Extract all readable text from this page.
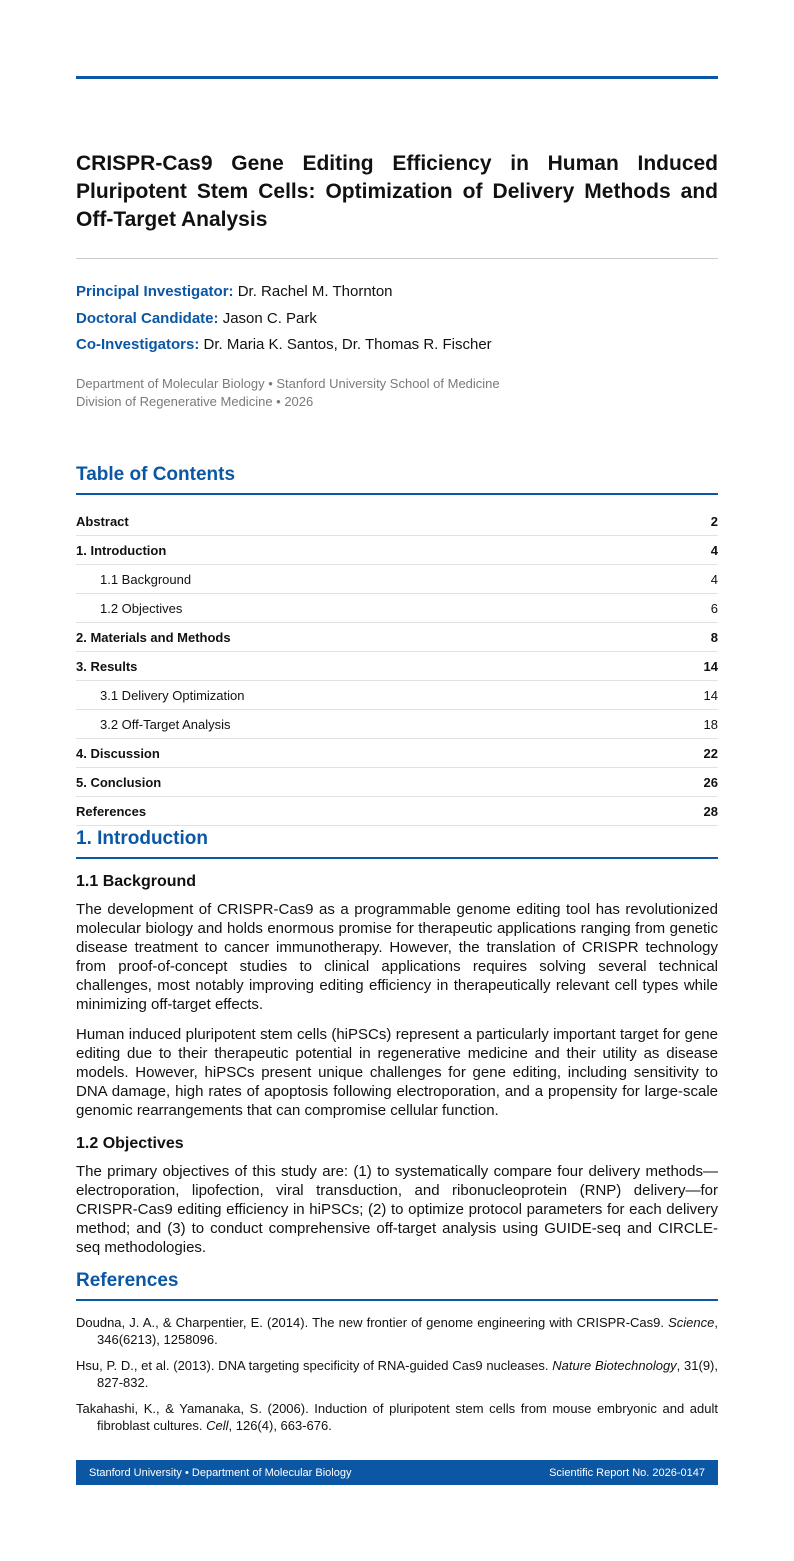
CRISPR-Cas9 Gene Editing Efficiency in Human Induced Pluripotent Stem Cells: Optimization of Delivery Methods and Off-Target Analysis
Principal Investigator: Dr. Rachel M. Thornton
Doctoral Candidate: Jason C. Park
Co-Investigators: Dr. Maria K. Santos, Dr. Thomas R. Fischer
Department of Molecular Biology • Stanford University School of Medicine
Division of Regenerative Medicine • 2026
Table of Contents
Abstract	2
1. Introduction	4
1.1 Background	4
1.2 Objectives	6
2. Materials and Methods	8
3. Results	14
3.1 Delivery Optimization	14
3.2 Off-Target Analysis	18
4. Discussion	22
5. Conclusion	26
References	28
1. Introduction
1.1 Background

The development of CRISPR-Cas9 as a programmable genome editing tool has revolutionized molecular biology and holds enormous promise for therapeutic applications ranging from genetic disease treatment to cancer immunotherapy. However, the translation of CRISPR technology from proof-of-concept studies to clinical applications requires solving several technical challenges, most notably improving editing efficiency in therapeutically relevant cell types while minimizing off-target effects.

Human induced pluripotent stem cells (hiPSCs) represent a particularly important target for gene editing due to their therapeutic potential in regenerative medicine and their utility as disease models. However, hiPSCs present unique challenges for gene editing, including sensitivity to DNA damage, high rates of apoptosis following electroporation, and a propensity for large-scale genomic rearrangements that can compromise cellular function.

1.2 Objectives

The primary objectives of this study are: (1) to systematically compare four delivery methods—electroporation, lipofection, viral transduction, and ribonucleoprotein (RNP) delivery—for CRISPR-Cas9 editing efficiency in hiPSCs; (2) to optimize protocol parameters for each delivery method; and (3) to conduct comprehensive off-target analysis using GUIDE-seq and CIRCLE-seq methodologies.

References
Doudna, J. A., & Charpentier, E. (2014). The new frontier of genome engineering with CRISPR-Cas9. Science, 346(6213), 1258096.
Hsu, P. D., et al. (2013). DNA targeting specificity of RNA-guided Cas9 nucleases. Nature Biotechnology, 31(9), 827-832.
Takahashi, K., & Yamanaka, S. (2006). Induction of pluripotent stem cells from mouse embryonic and adult fibroblast cultures. Cell, 126(4), 663-676.
Stanford University • Department of Molecular Biology	Scientific Report No. 2026-0147
